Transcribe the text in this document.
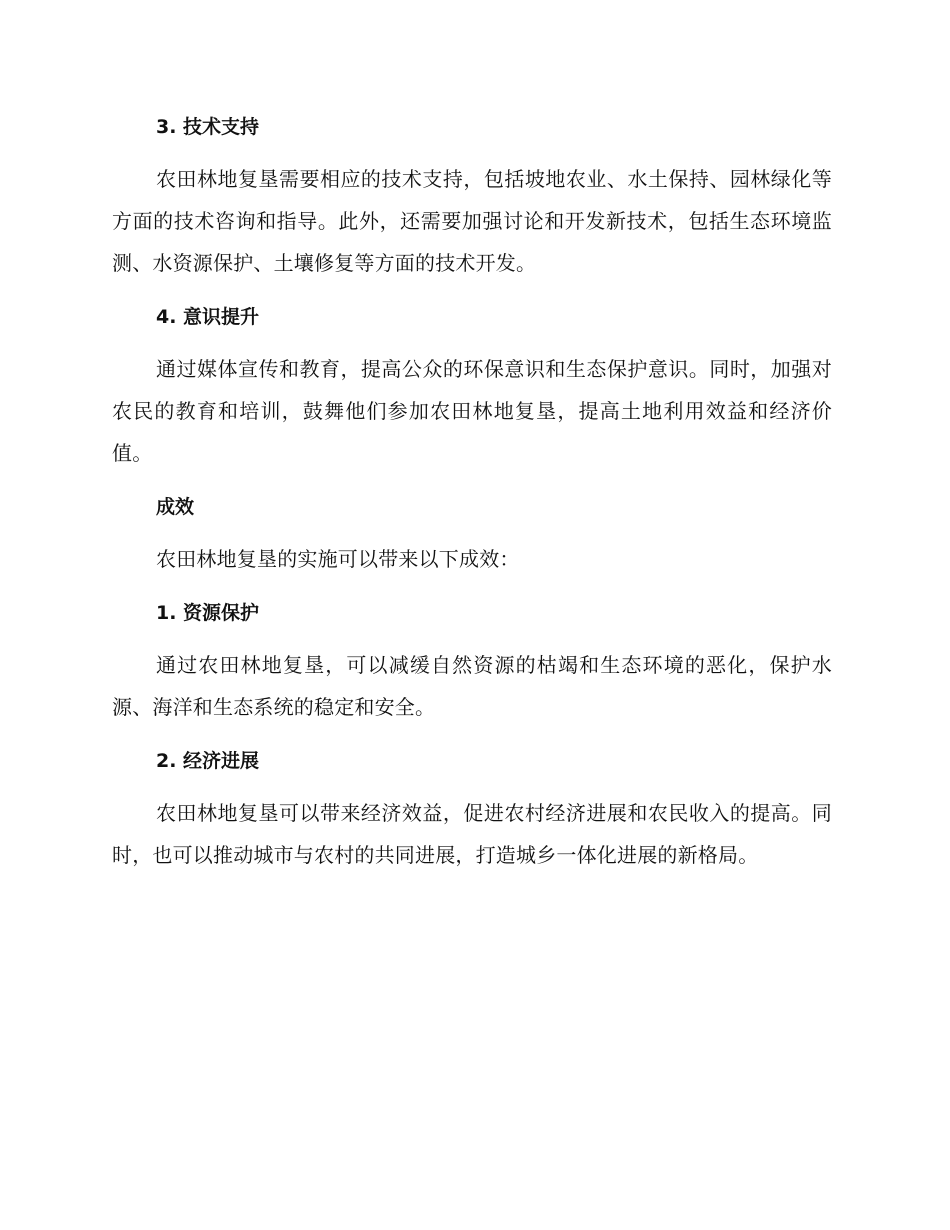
3. 技术支持

农田林地复垦需要相应的技术支持，包括坡地农业、水土保持、园林绿化等方面的技术咨询和指导。此外，还需要加强讨论和开发新技术，包括生态环境监测、水资源保护、土壤修复等方面的技术开发。

4. 意识提升

通过媒体宣传和教育，提高公众的环保意识和生态保护意识。同时，加强对农民的教育和培训，鼓舞他们参加农田林地复垦，提高土地利用效益和经济价值。

成效

农田林地复垦的实施可以带来以下成效：

1. 资源保护

通过农田林地复垦，可以减缓自然资源的枯竭和生态环境的恶化，保护水源、海洋和生态系统的稳定和安全。

2. 经济进展

农田林地复垦可以带来经济效益，促进农村经济进展和农民收入的提高。同时，也可以推动城市与农村的共同进展，打造城乡一体化进展的新格局。
